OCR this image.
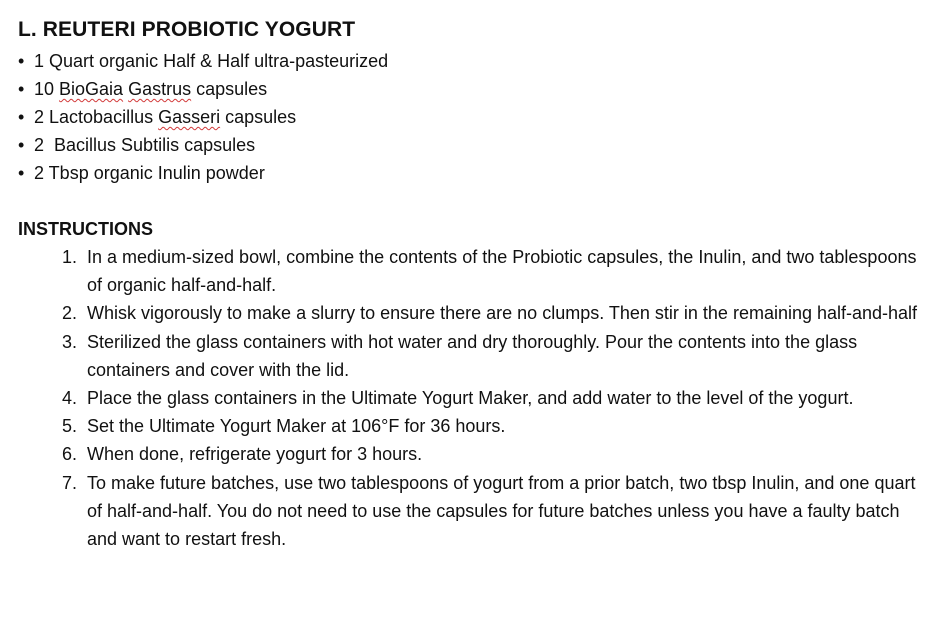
L. REUTERI PROBIOTIC YOGURT
• 1 Quart organic Half & Half ultra-pasteurized
• 10 BioGaia Gastrus capsules
• 2 Lactobacillus Gasseri capsules
• 2  Bacillus Subtilis capsules
• 2 Tbsp organic Inulin powder
INSTRUCTIONS
1. In a medium-sized bowl, combine the contents of the Probiotic capsules, the Inulin, and two tablespoons of organic half-and-half.
2. Whisk vigorously to make a slurry to ensure there are no clumps. Then stir in the remaining half-and-half
3. Sterilized the glass containers with hot water and dry thoroughly. Pour the contents into the glass containers and cover with the lid.
4. Place the glass containers in the Ultimate Yogurt Maker, and add water to the level of the yogurt.
5. Set the Ultimate Yogurt Maker at 106°F for 36 hours.
6. When done, refrigerate yogurt for 3 hours.
7. To make future batches, use two tablespoons of yogurt from a prior batch, two tbsp Inulin, and one quart of half-and-half. You do not need to use the capsules for future batches unless you have a faulty batch and want to restart fresh.
